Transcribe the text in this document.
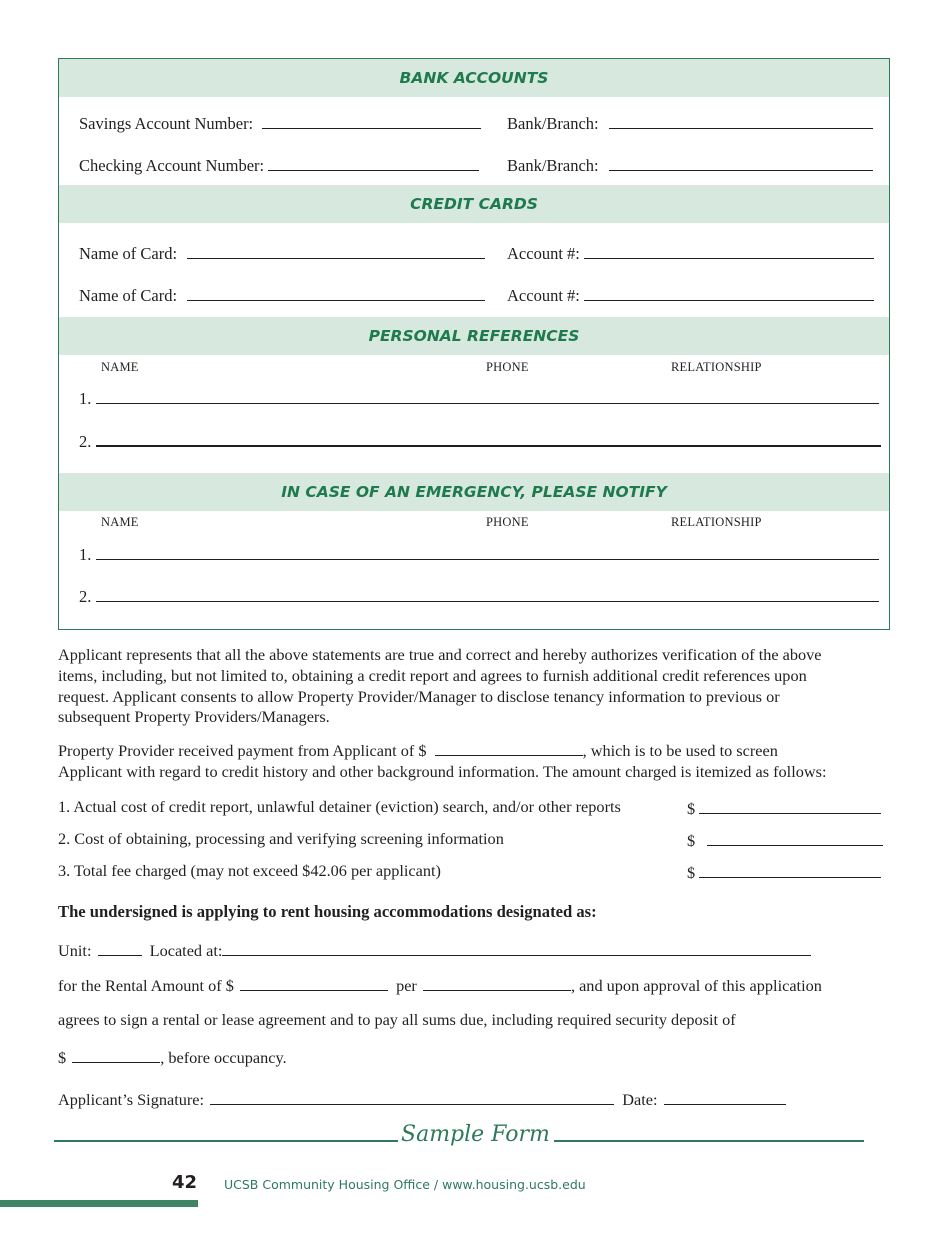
BANK ACCOUNTS
Savings Account Number:	Bank/Branch:
Checking Account Number:	Bank/Branch:
CREDIT CARDS
Name of Card:	Account #:
Name of Card:	Account #:
PERSONAL REFERENCES
NAME	PHONE	RELATIONSHIP
1.
2.
IN CASE OF AN EMERGENCY, PLEASE NOTIFY
NAME	PHONE	RELATIONSHIP
1.
2.
Applicant represents that all the above statements are true and correct and hereby authorizes verification of the above
items, including, but not limited to, obtaining a credit report and agrees to furnish additional credit references upon
request. Applicant consents to allow Property Provider/Manager to disclose tenancy information to previous or
subsequent Property Providers/Managers.
Property Provider received payment from Applicant of $	, which is to be used to screen
Applicant with regard to credit history and other background information. The amount charged is itemized as follows:
1. Actual cost of credit report, unlawful detainer (eviction) search, and/or other reports	$
2. Cost of obtaining, processing and verifying screening information	$
3. Total fee charged (may not exceed $42.06 per applicant)	$
The undersigned is applying to rent housing accommodations designated as:
Unit:	Located at:
for the Rental Amount of $	per	, and upon approval of this application
agrees to sign a rental or lease agreement and to pay all sums due, including required security deposit of
$	, before occupancy.
Applicant’s Signature:	Date:
Sample Form
42 UCSB Community Housing Office / www.housing.ucsb.edu
